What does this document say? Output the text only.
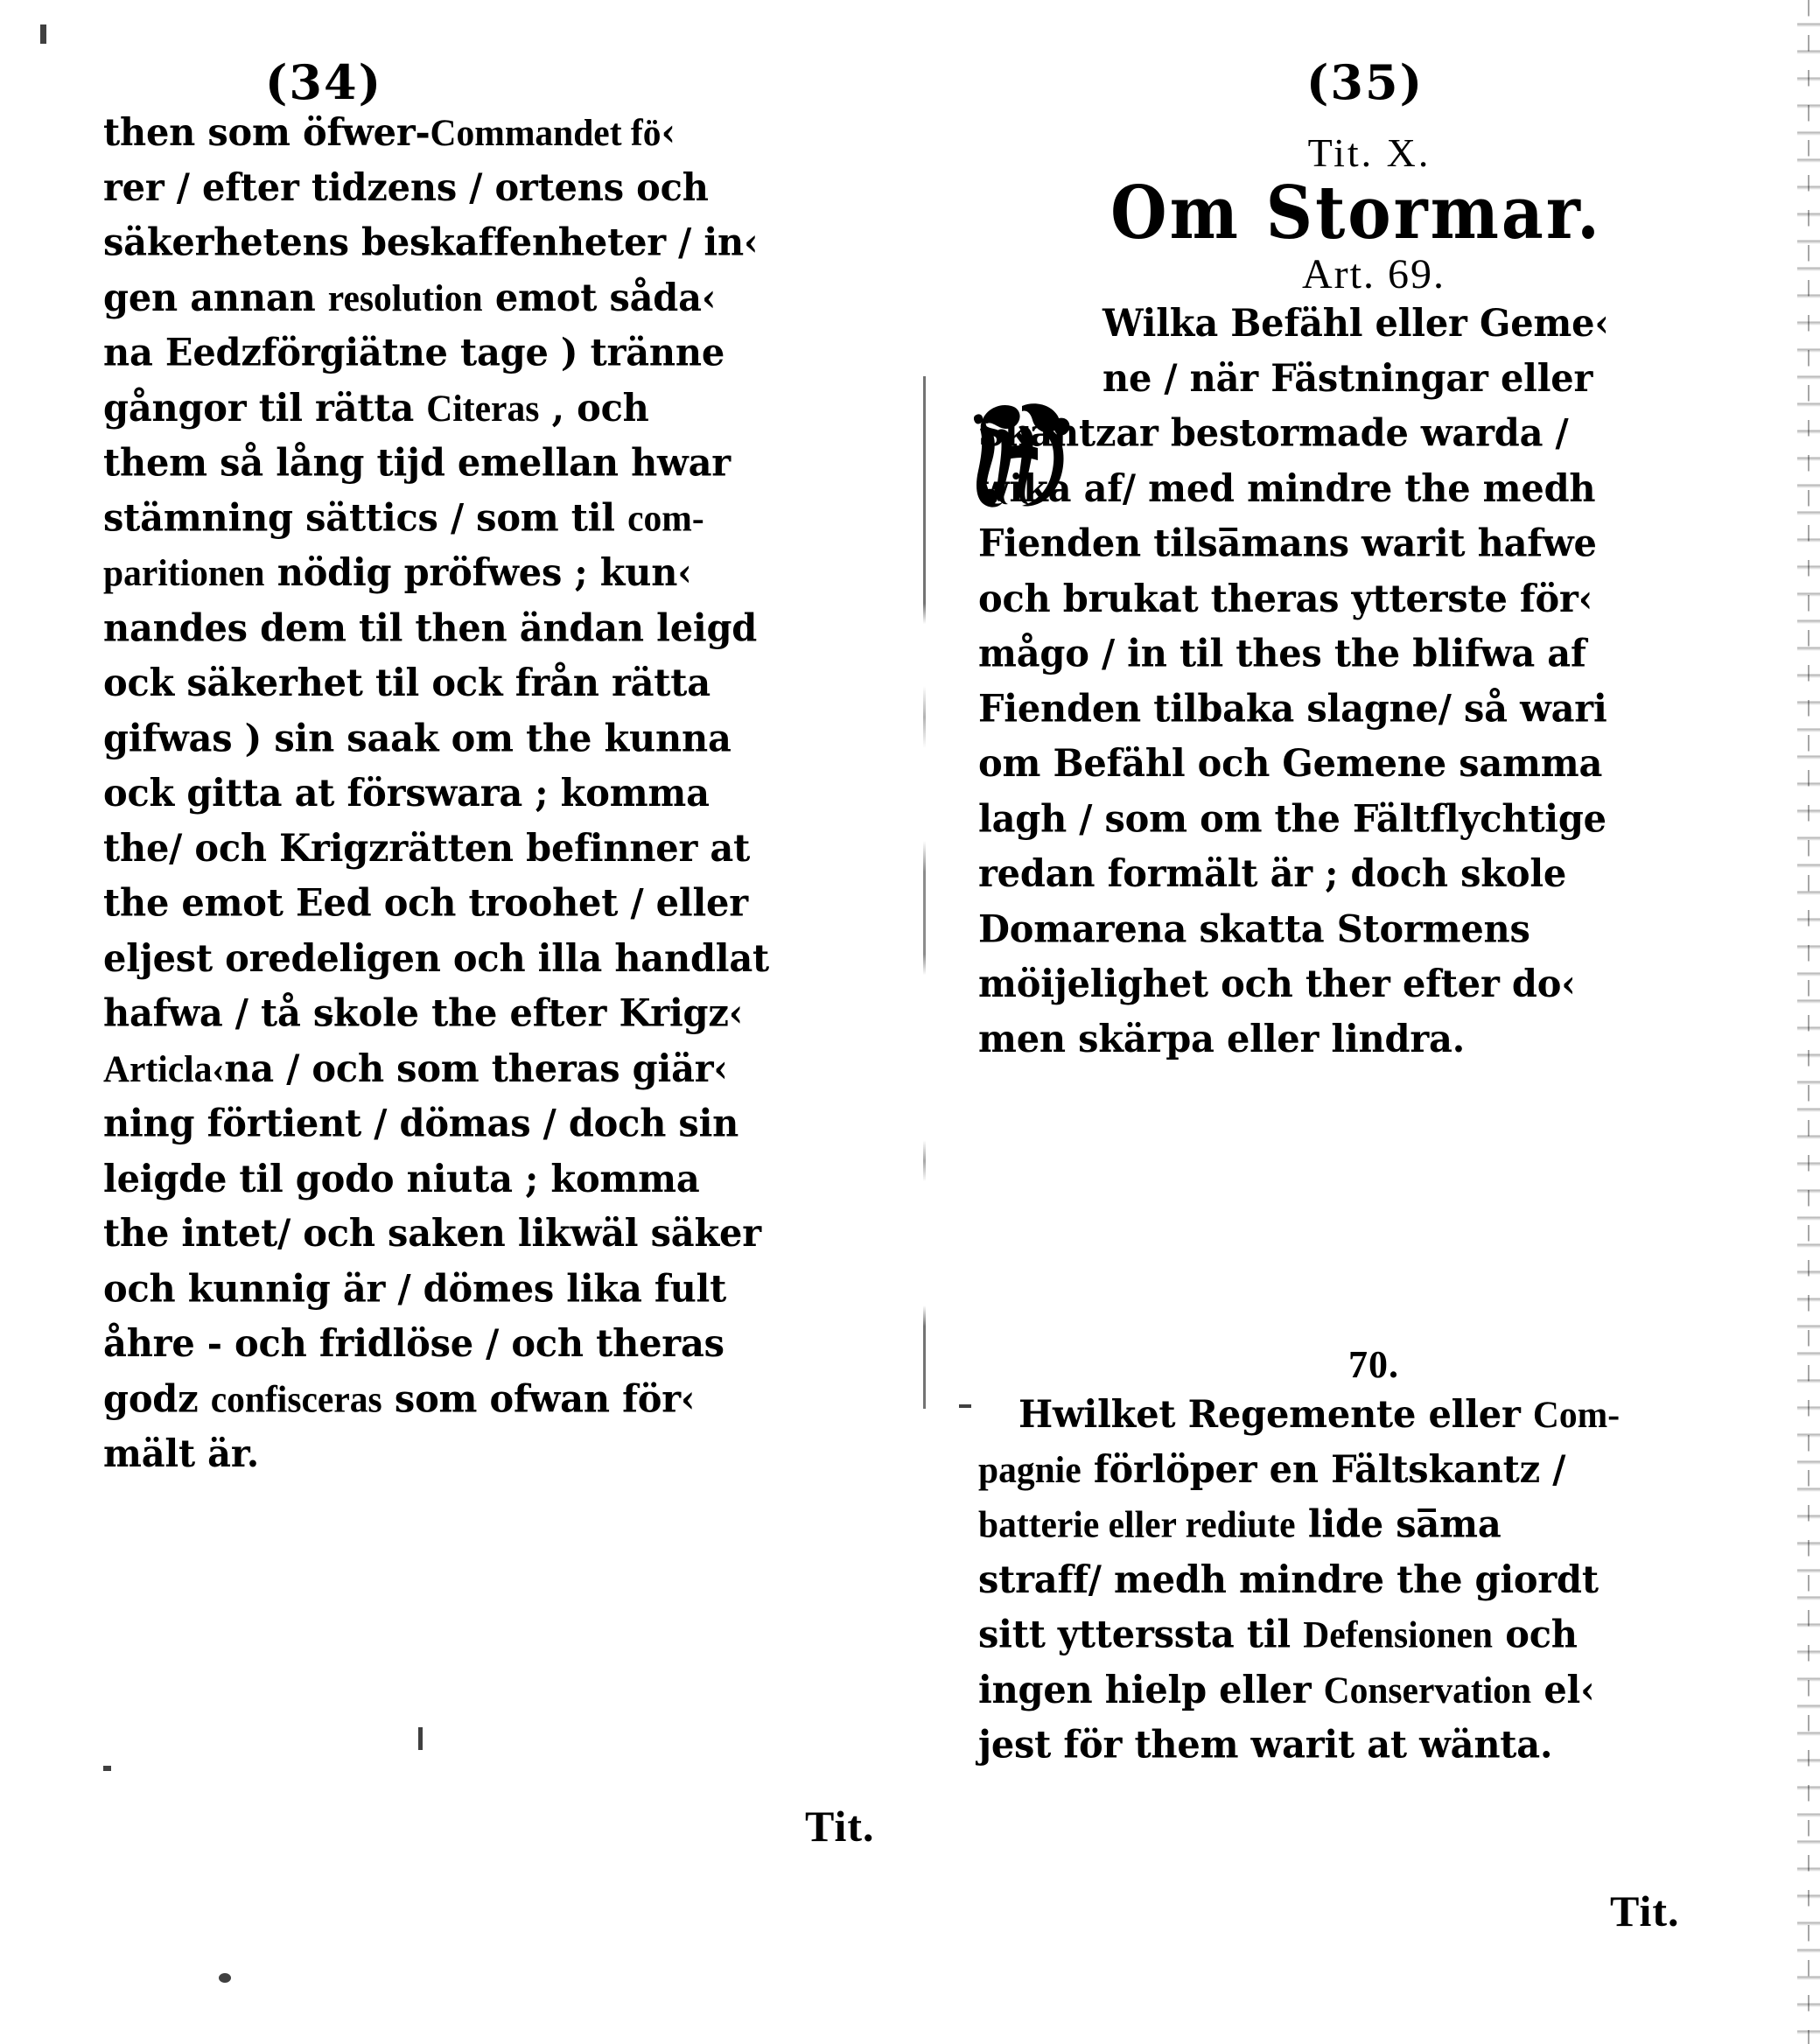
(34)
then som öfwer-Commandet fö‹
rer / efter tidzens / ortens och
säkerhetens bes̵kaffenheter / in‹
gen annan resolution emot såda‹
na Eedzförgiätne tage ) tränne
gångor til rätta Citeras , och
them så lång tijd emellan hwar
stämning sättics / som til com-
paritionen nödig pröfwes ; kun‹
nandes dem til then ändan leigd
ock säkerhet til ock från rätta
gifwas ) sin saak om the kunna
ock gitta at förswara ; komma
the/ och Krigzrätten befinner at
the emot Eed och troohet / eller
eljest oredeligen och illa handlat
hafwa / tå s̵kole the efter Krigz‹
Articla‹na / och som theras giär‹
ning förtient / dömas / doch sin
leigde til godo niuta ; komma
the intet/ och saken likwäl säker
och kunnig är / dömes lika fult
åhre - och fridlöse / och theras
godz confisceras som ofwan för‹
mält är.
Tit.
(35)
Tit. X.
Om Stormar.
Art. 69.
Wilka Befähl eller Geme‹
ne / när Fästningar eller
Skantzar bestormade warda /
wika af/ med mindre the medh
Fienden tilsa̅mans warit hafwe
och brukat theras ytterste för‹
mågo / in til thes the blifwa af
Fienden tilbaka slagne/ så wari
om Befähl och Gemene samma
lagh / som om the Fältflychtige
redan formält är ; doch skole
Domarena skatta Stormens
möijelighet och ther efter do‹
men skärpa eller lindra.
70.
Hwilket Regemente eller Com-
pagnie förlöper en Fältskantz /
batterie eller rediute lide sa̅ma
straff/ medh mindre the giordt
sitt ytterssta til Defensionen och
ingen hielp eller Conservation el‹
jest för them warit at wänta.
Tit.
